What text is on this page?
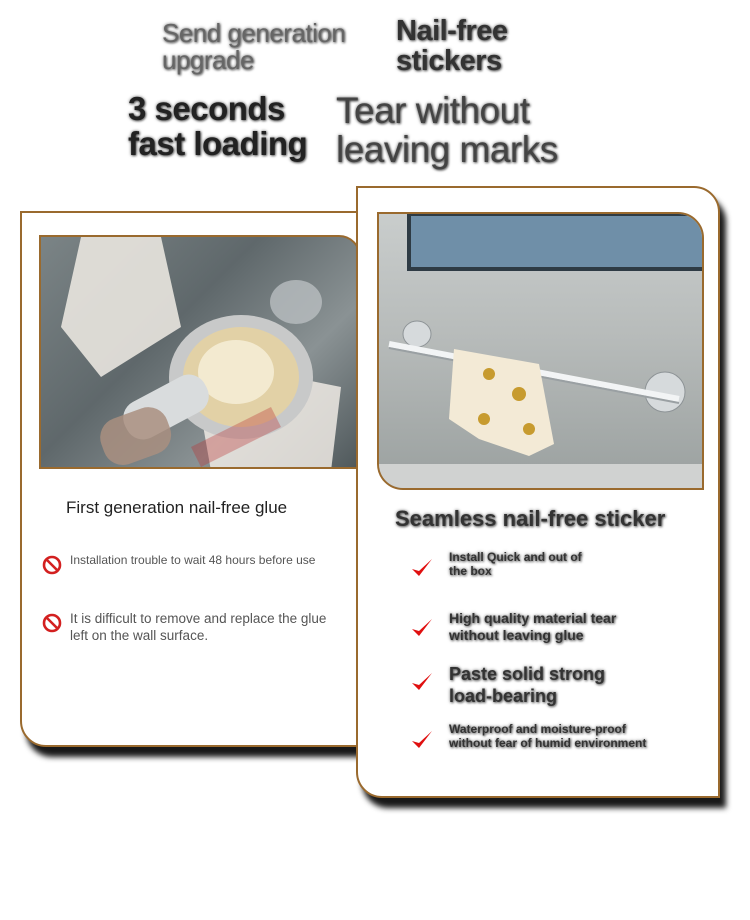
Send generation upgrade
Nail-free stickers
3 seconds fast loading
Tear without leaving marks
First generation nail-free glue
Installation trouble to wait 48 hours before use
It is difficult to remove and replace the glue left on the wall surface.
Seamless nail-free sticker
Install Quick and out of the box
High quality material tear without leaving glue
Paste solid strong load-bearing
Waterproof and moisture-proof without fear of humid environment
